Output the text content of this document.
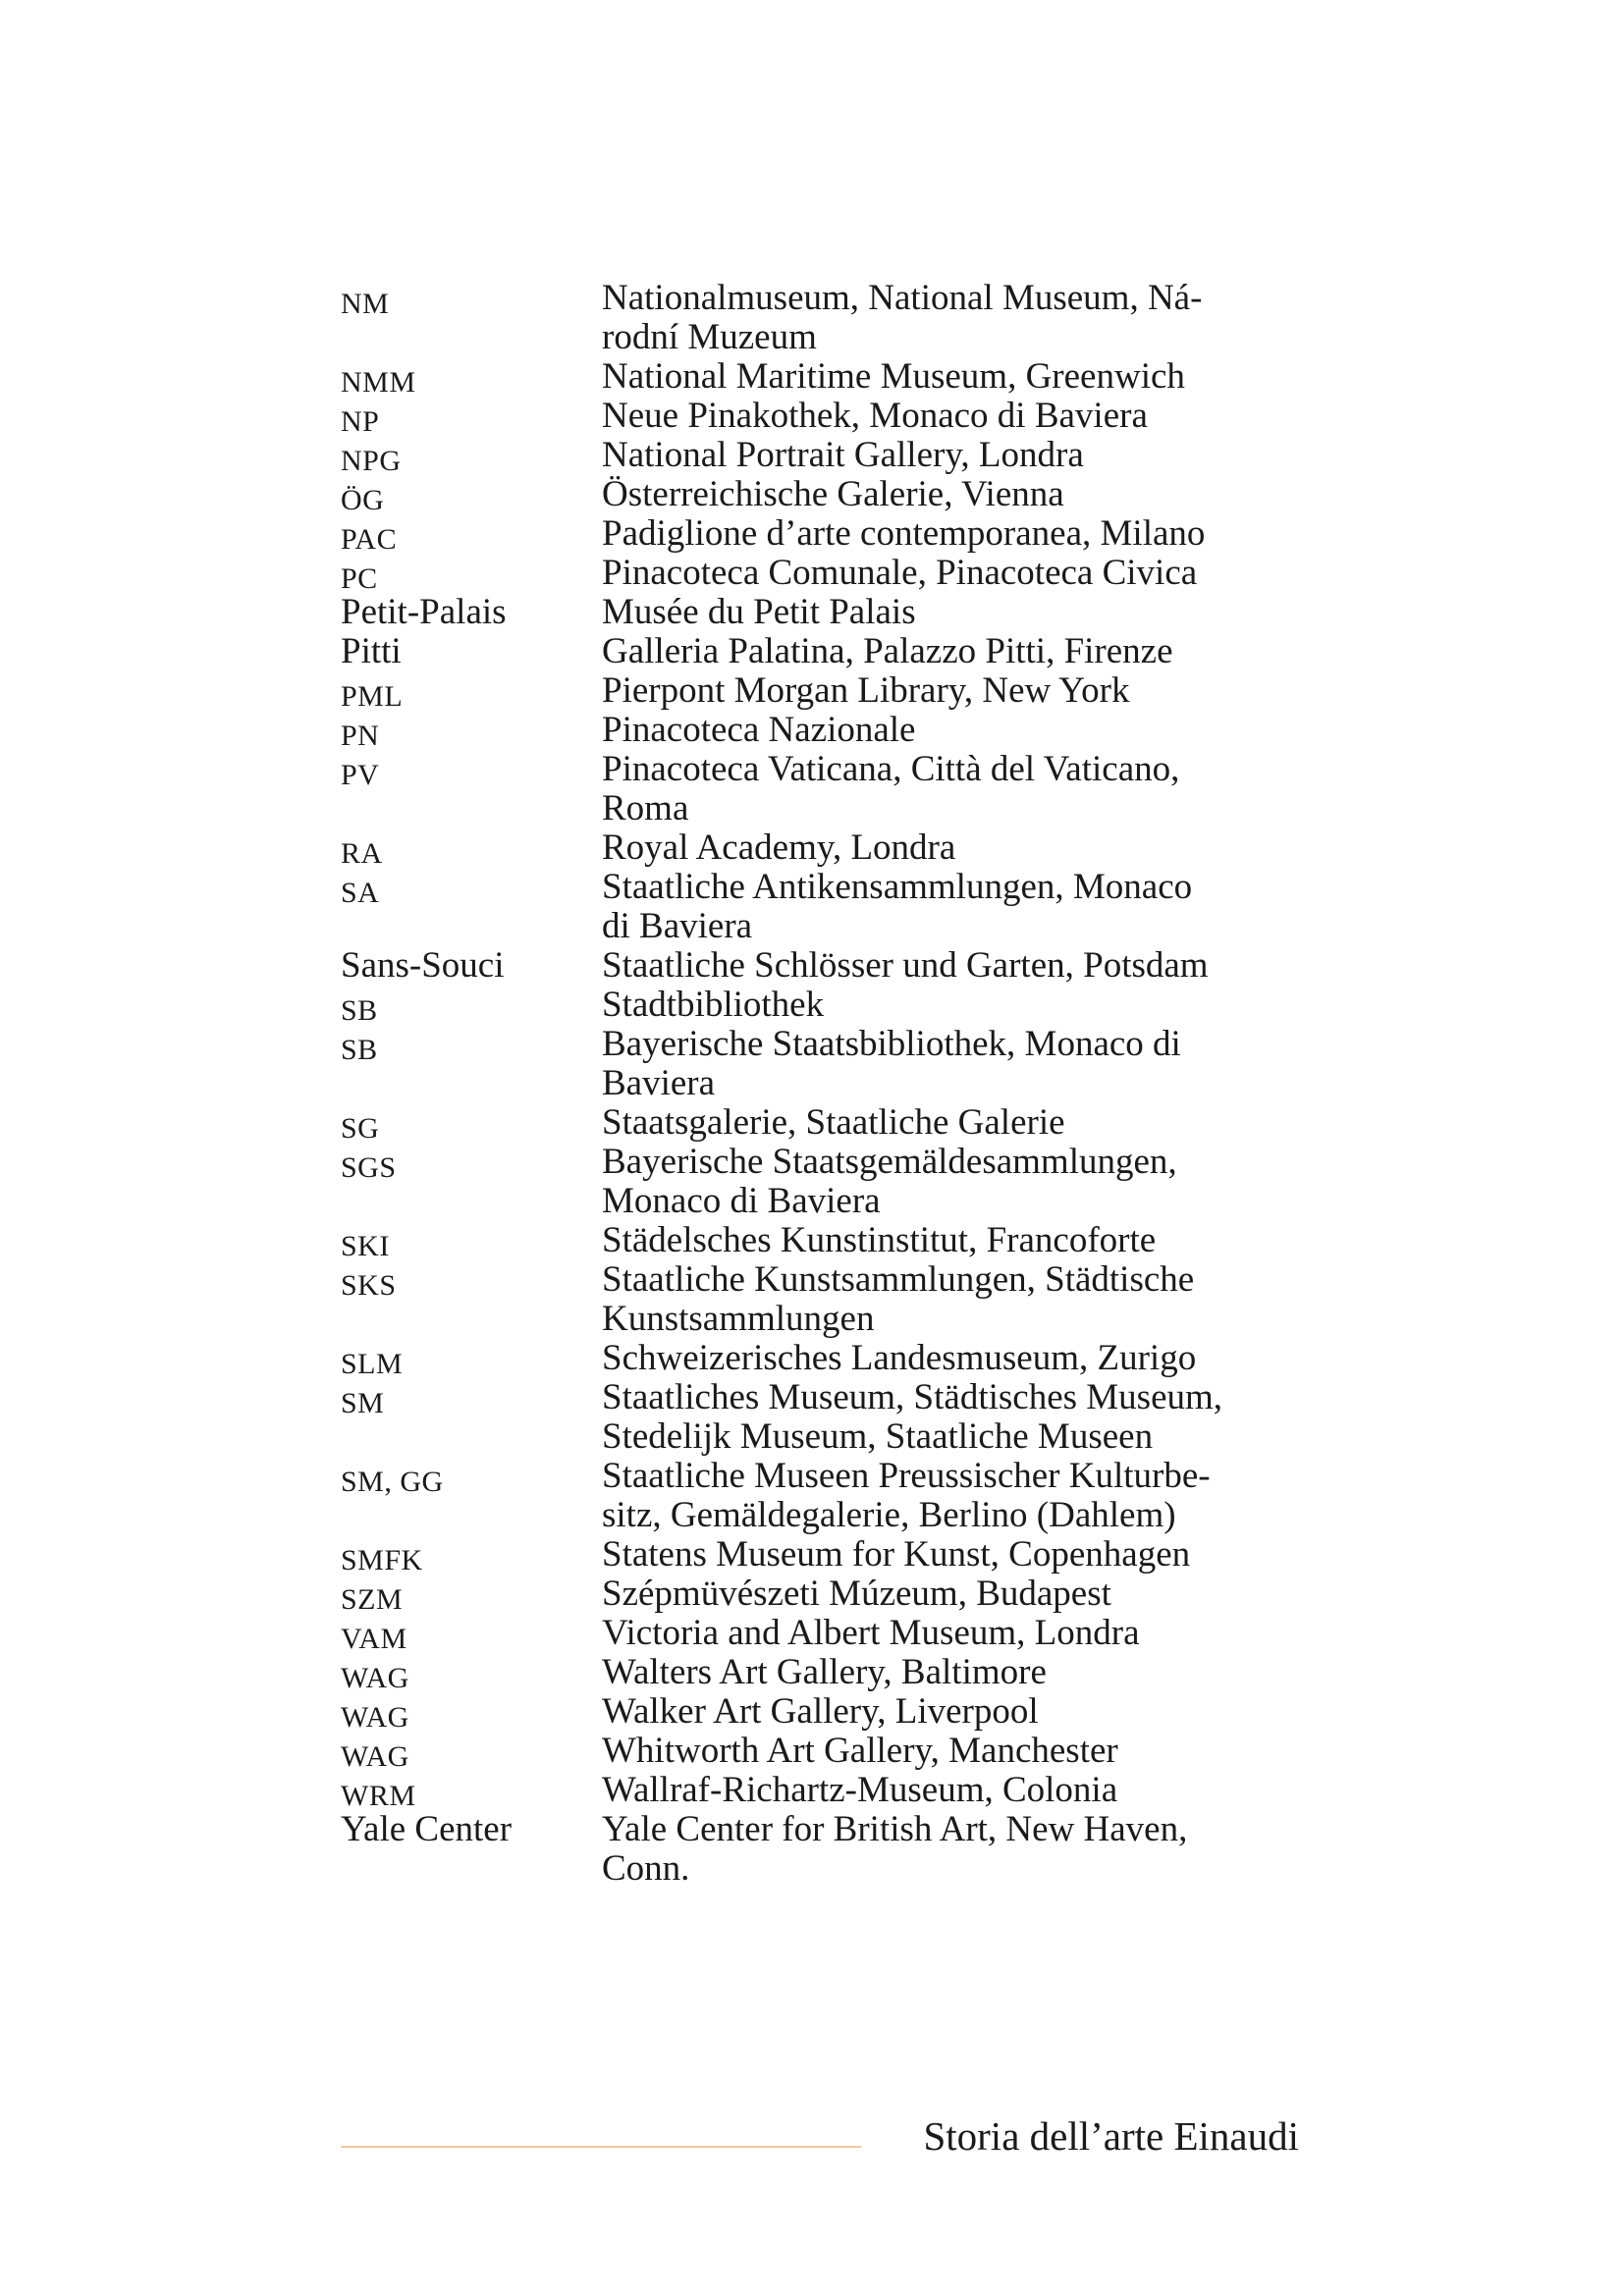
NM	Nationalmuseum, National Museum, Ná-
rodní Muzeum
NMM	National Maritime Museum, Greenwich
NP	Neue Pinakothek, Monaco di Baviera
NPG	National Portrait Gallery, Londra
ÖG	Österreichische Galerie, Vienna
PAC	Padiglione d’arte contemporanea, Milano
PC	Pinacoteca Comunale, Pinacoteca Civica
Petit-Palais	Musée du Petit Palais
Pitti	Galleria Palatina, Palazzo Pitti, Firenze
PML	Pierpont Morgan Library, New York
PN	Pinacoteca Nazionale
PV	Pinacoteca Vaticana, Città del Vaticano,
Roma
RA	Royal Academy, Londra
SA	Staatliche Antikensammlungen, Monaco
di Baviera
Sans-Souci	Staatliche Schlösser und Garten, Potsdam
SB	Stadtbibliothek
SB	Bayerische Staatsbibliothek, Monaco di
Baviera
SG	Staatsgalerie, Staatliche Galerie
SGS	Bayerische Staatsgemäldesammlungen,
Monaco di Baviera
SKI	Städelsches Kunstinstitut, Francoforte
SKS	Staatliche Kunstsammlungen, Städtische
Kunstsammlungen
SLM	Schweizerisches Landesmuseum, Zurigo
SM	Staatliches Museum, Städtisches Museum,
Stedelijk Museum, Staatliche Museen
SM, GG	Staatliche Museen Preussischer Kulturbe-
sitz, Gemäldegalerie, Berlino (Dahlem)
SMFK	Statens Museum for Kunst, Copenhagen
SZM	Szépmüvészeti Múzeum, Budapest
VAM	Victoria and Albert Museum, Londra
WAG	Walters Art Gallery, Baltimore
WAG	Walker Art Gallery, Liverpool
WAG	Whitworth Art Gallery, Manchester
WRM	Wallraf-Richartz-Museum, Colonia
Yale Center	Yale Center for British Art, New Haven,
Conn.
Storia dell’arte Einaudi
